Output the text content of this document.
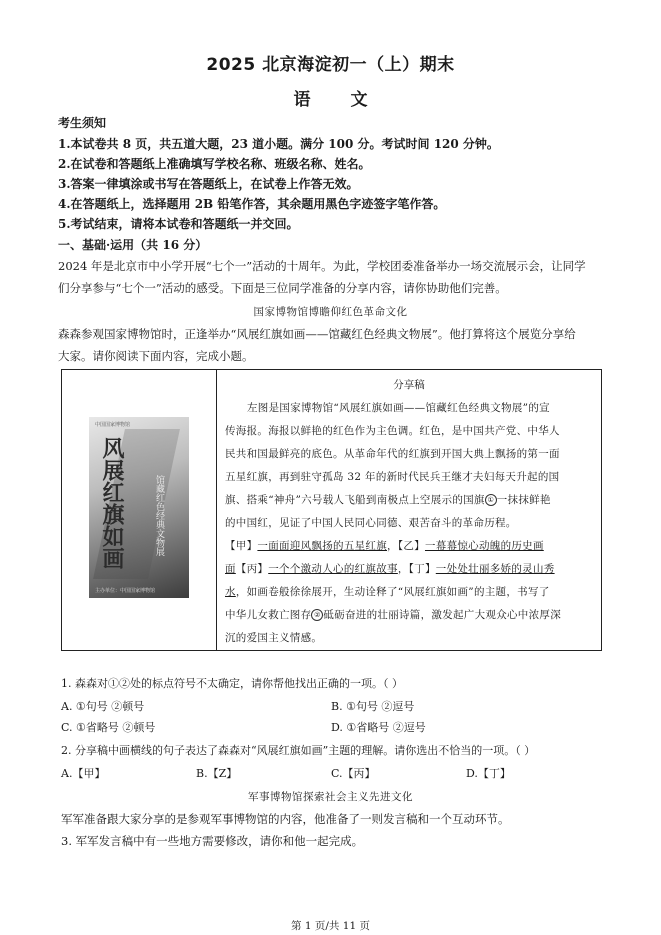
2025 北京海淀初一（上）期末
语文
考生须知
1.本试卷共 8 页，共五道大题，23 道小题。满分 100 分。考试时间 120 分钟。
2.在试卷和答题纸上准确填写学校名称、班级名称、姓名。
3.答案一律填涂或书写在答题纸上，在试卷上作答无效。
4.在答题纸上，选择题用 2B 铅笔作答，其余题用黑色字迹签字笔作答。
5.考试结束，请将本试卷和答题纸一并交回。
一、基础·运用（共 16 分）
2024 年是北京市中小学开展“七个一”活动的十周年。为此，学校团委准备举办一场交流展示会，让同学
们分享参与“七个一”活动的感受。下面是三位同学准备的分享内容，请你协助他们完善。
国家博物馆博瞻仰红色革命文化
森森参观国家博物馆时，正逢举办“风展红旗如画——馆藏红色经典文物展”。他打算将这个展览分享给
大家。请你阅读下面内容，完成小题。
中国国家博物馆
风展红旗如画	馆藏红色经典文物展
主办单位：中国国家博物馆
分享稿
左图是国家博物馆“风展红旗如画——馆藏红色经典文物展”的宣
传海报。海报以鲜艳的红色作为主色调。红色，是中国共产党、中华人
民共和国最鲜亮的底色。从革命年代的红旗到开国大典上飘扬的第一面
五星红旗，再到驻守孤岛 32 年的新时代民兵王继才夫妇每天升起的国
旗、搭乘“神舟”六号载人飞船到南极点上空展示的国旗 ① 一抹抹鲜艳
的中国红，见证了中国人民同心同德、艰苦奋斗的革命历程。
【甲】一面面迎风飘扬的五星红旗，【乙】一幕幕惊心动魄的历史画
面【丙】一个个激动人心的红旗故事，【丁】一处处壮丽多娇的灵山秀
水，如画卷般徐徐展开，生动诠释了“风展红旗如画”的主题，书写了
中华儿女救亡图存 ② 砥砺奋进的壮丽诗篇，激发起广大观众心中浓厚深
沉的爱国主义情感。
1. 森森对①②处的标点符号不太确定，请你帮他找出正确的一项。（ ）
A. ①句号 ②顿号	B. ①句号 ②逗号
C. ①省略号 ②顿号	D. ①省略号 ②逗号
2. 分享稿中画横线的句子表达了森森对“风展红旗如画”主题的理解。请你选出不恰当的一项。（ ）
A.【甲】	B.【Z】	C.【丙】	D.【丁】
军事博物馆探索社会主义先进文化
军军准备跟大家分享的是参观军事博物馆的内容，他准备了一则发言稿和一个互动环节。
3. 军军发言稿中有一些地方需要修改，请你和他一起完成。
第 1 页/共 11 页
